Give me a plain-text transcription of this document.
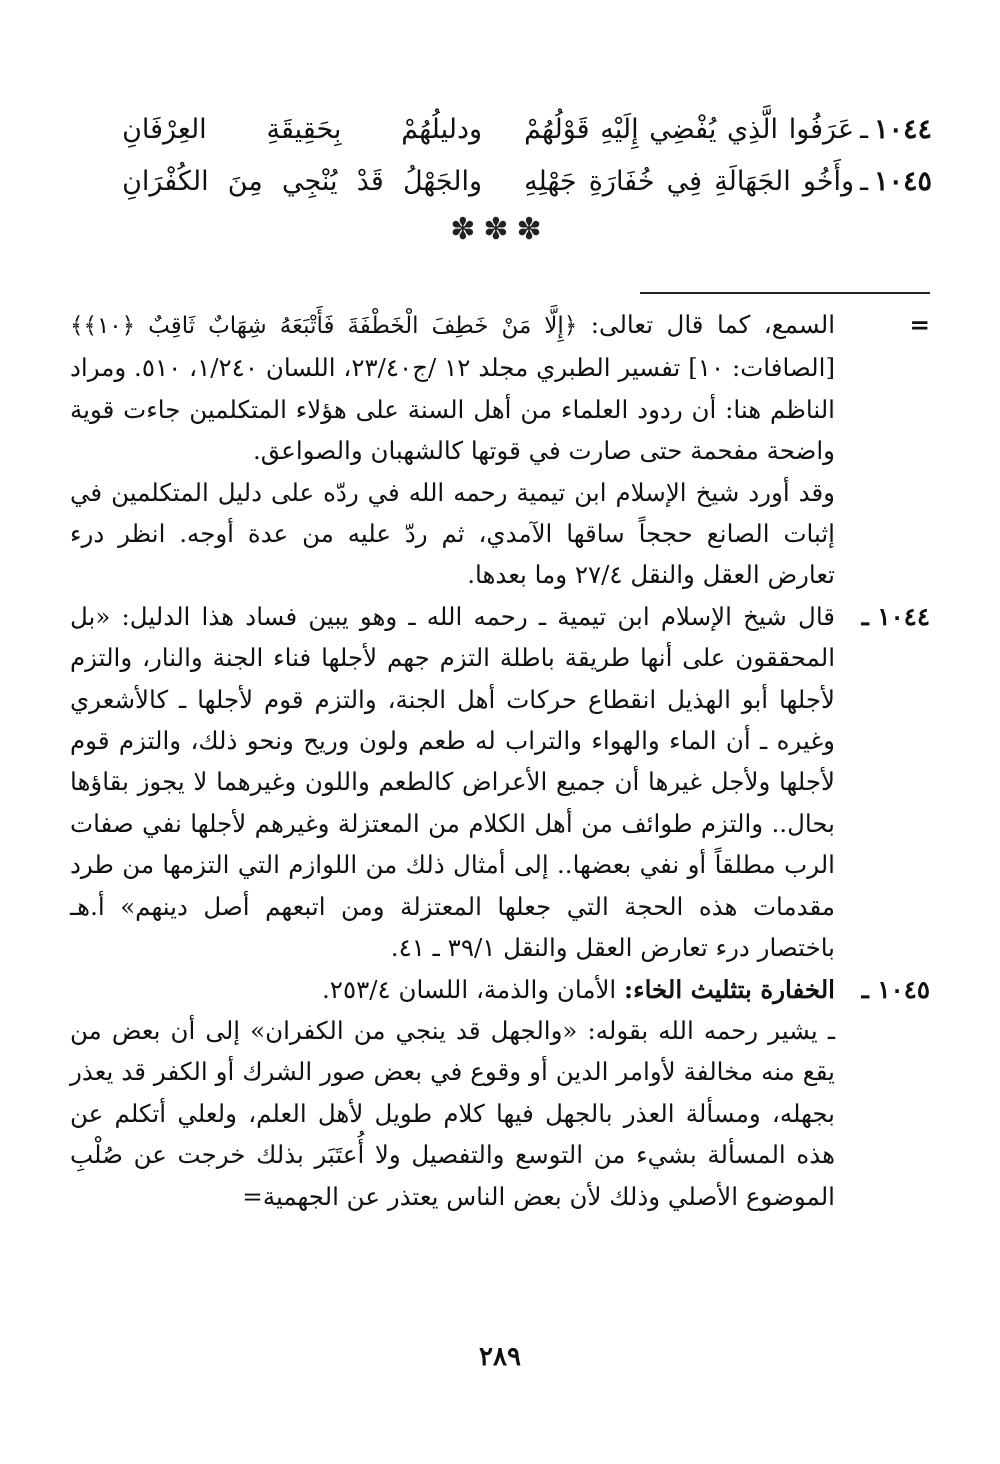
١٠٤٤
ـ
عَرَفُوا الَّذِي يُفْضِي إِلَيْهِ قَوْلُهُمْ
ودليلُهُمْ بِحَقِيقَةِ العِرْفَانِ
١٠٤٥
ـ
وأَخُو الجَهَالَةِ فِي خُفَارَةِ جَهْلِهِ
والجَهْلُ قَدْ يُنْجِي مِنَ الكُفْرَانِ
✽✽✽
=

السمع، كما قال تعالى: ﴿إِلَّا مَنْ خَطِفَ الْخَطْفَةَ فَأَتْبَعَهُ شِهَابٌ ثَاقِبٌ ﴿١٠﴾﴾ [الصافات: ١٠] تفسير الطبري مجلد ١٢ /ج٢٣/٤٠، اللسان ١/٢٤٠، ٥١٠. ومراد الناظم هنا: أن ردود العلماء من أهل السنة على هؤلاء المتكلمين جاءت قوية واضحة مفحمة حتى صارت في قوتها كالشهبان والصواعق.

وقد أورد شيخ الإسلام ابن تيمية رحمه الله في ردّه على دليل المتكلمين في إثبات الصانع حججاً ساقها الآمدي، ثم ردّ عليه من عدة أوجه. انظر درء تعارض العقل والنقل ٢٧/٤ وما بعدها.

١٠٤٤ ـ

قال شيخ الإسلام ابن تيمية ـ رحمه الله ـ وهو يبين فساد هذا الدليل: «بل المحققون على أنها طريقة باطلة التزم جهم لأجلها فناء الجنة والنار، والتزم لأجلها أبو الهذيل انقطاع حركات أهل الجنة، والتزم قوم لأجلها ـ كالأشعري وغيره ـ أن الماء والهواء والتراب له طعم ولون وريح ونحو ذلك، والتزم قوم لأجلها ولأجل غيرها أن جميع الأعراض كالطعم واللون وغيرهما لا يجوز بقاؤها بحال.. والتزم طوائف من أهل الكلام من المعتزلة وغيرهم لأجلها نفي صفات الرب مطلقاً أو نفي بعضها.. إلى أمثال ذلك من اللوازم التي التزمها من طرد مقدمات هذه الحجة التي جعلها المعتزلة ومن اتبعهم أصل دينهم» أ.هـ باختصار درء تعارض العقل والنقل ٣٩/١ ـ ٤١.

١٠٤٥ ـ

الخفارة بتثليث الخاء: الأمان والذمة، اللسان ٢٥٣/٤.

ـ يشير رحمه الله بقوله: «والجهل قد ينجي من الكفران» إلى أن بعض من يقع منه مخالفة لأوامر الدين أو وقوع في بعض صور الشرك أو الكفر قد يعذر بجهله، ومسألة العذر بالجهل فيها كلام طويل لأهل العلم، ولعلي أتكلم عن هذه المسألة بشيء من التوسع والتفصيل ولا أُعتَبَر بذلك خرجت عن صُلْبِ الموضوع الأصلي وذلك لأن بعض الناس يعتذر عن الجهمية=

٢٨٩
